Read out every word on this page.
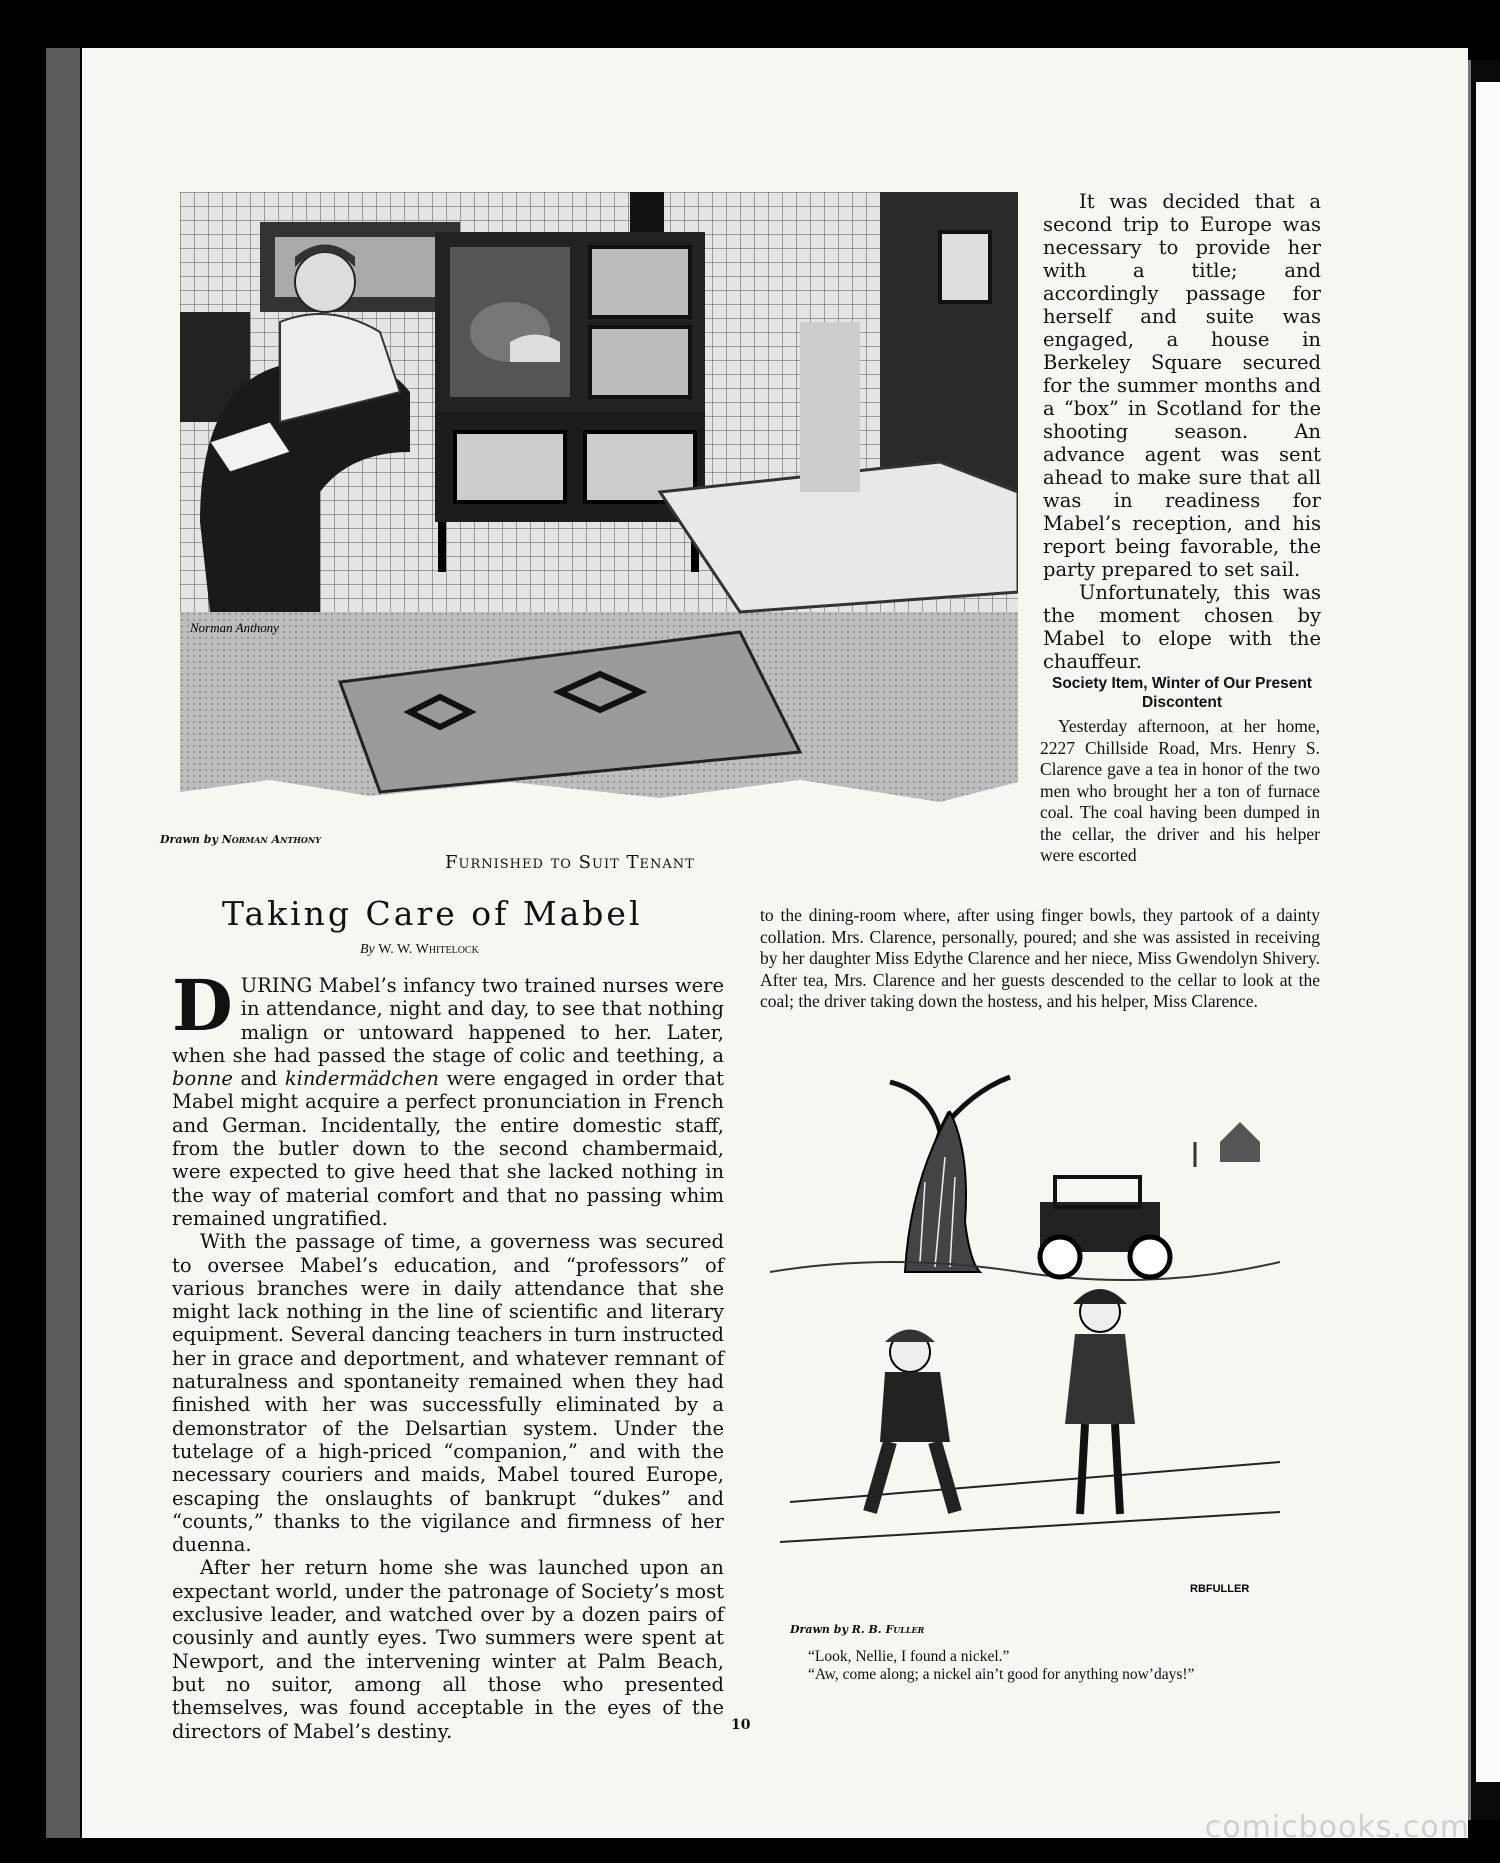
Norman Anthony
Drawn by Norman Anthony
Furnished to Suit Tenant

It was decided that a second trip to Europe was necessary to provide her with a title; and accordingly passage for herself and suite was engaged, a house in Berkeley Square secured for the summer months and a “box” in Scotland for the shooting season. An advance agent was sent ahead to make sure that all was in readiness for Mabel’s reception, and his report being favorable, the party prepared to set sail.

Unfortunately, this was the moment chosen by Mabel to elope with the chauffeur.

Society Item, Winter of Our Present Discontent

Yesterday afternoon, at her home, 2227 Chillside Road, Mrs. Henry S. Clarence gave a tea in honor of the two men who brought her a ton of furnace coal. The coal having been dumped in the cellar, the driver and his helper were escorted

to the dining-room where, after using finger bowls, they partook of a dainty collation. Mrs. Clarence, personally, poured; and she was assisted in receiving by her daughter Miss Edythe Clarence and her niece, Miss Gwendolyn Shivery. After tea, Mrs. Clarence and her guests descended to the cellar to look at the coal; the driver taking down the hostess, and his helper, Miss Clarence.
Taking Care of Mabel
By W. W. Whitelock

DURING Mabel’s infancy two trained nurses were in attendance, night and day, to see that nothing malign or untoward happened to her. Later, when she had passed the stage of colic and teething, a bonne and kindermädchen were engaged in order that Mabel might acquire a perfect pronunciation in French and German. Incidentally, the entire domestic staff, from the butler down to the second chambermaid, were expected to give heed that she lacked nothing in the way of material comfort and that no passing whim remained ungratified.

With the passage of time, a governess was secured to oversee Mabel’s education, and “professors” of various branches were in daily attendance that she might lack nothing in the line of scientific and literary equipment. Several dancing teachers in turn instructed her in grace and deportment, and whatever remnant of naturalness and spontaneity remained when they had finished with her was successfully eliminated by a demonstrator of the Delsartian system. Under the tutelage of a high-priced “companion,” and with the necessary couriers and maids, Mabel toured Europe, escaping the onslaughts of bankrupt “dukes” and “counts,” thanks to the vigilance and firmness of her duenna.

After her return home she was launched upon an expectant world, under the patronage of Society’s most exclusive leader, and watched over by a dozen pairs of cousinly and auntly eyes. Two summers were spent at Newport, and the intervening winter at Palm Beach, but no suitor, among all those who presented themselves, was found acceptable in the eyes of the directors of Mabel’s destiny.

RBFULLER
Drawn by R. B. Fuller
“Look, Nellie, I found a nickel.”
“Aw, come along; a nickel ain’t good for anything now’days!”
10
comicbooks.com
